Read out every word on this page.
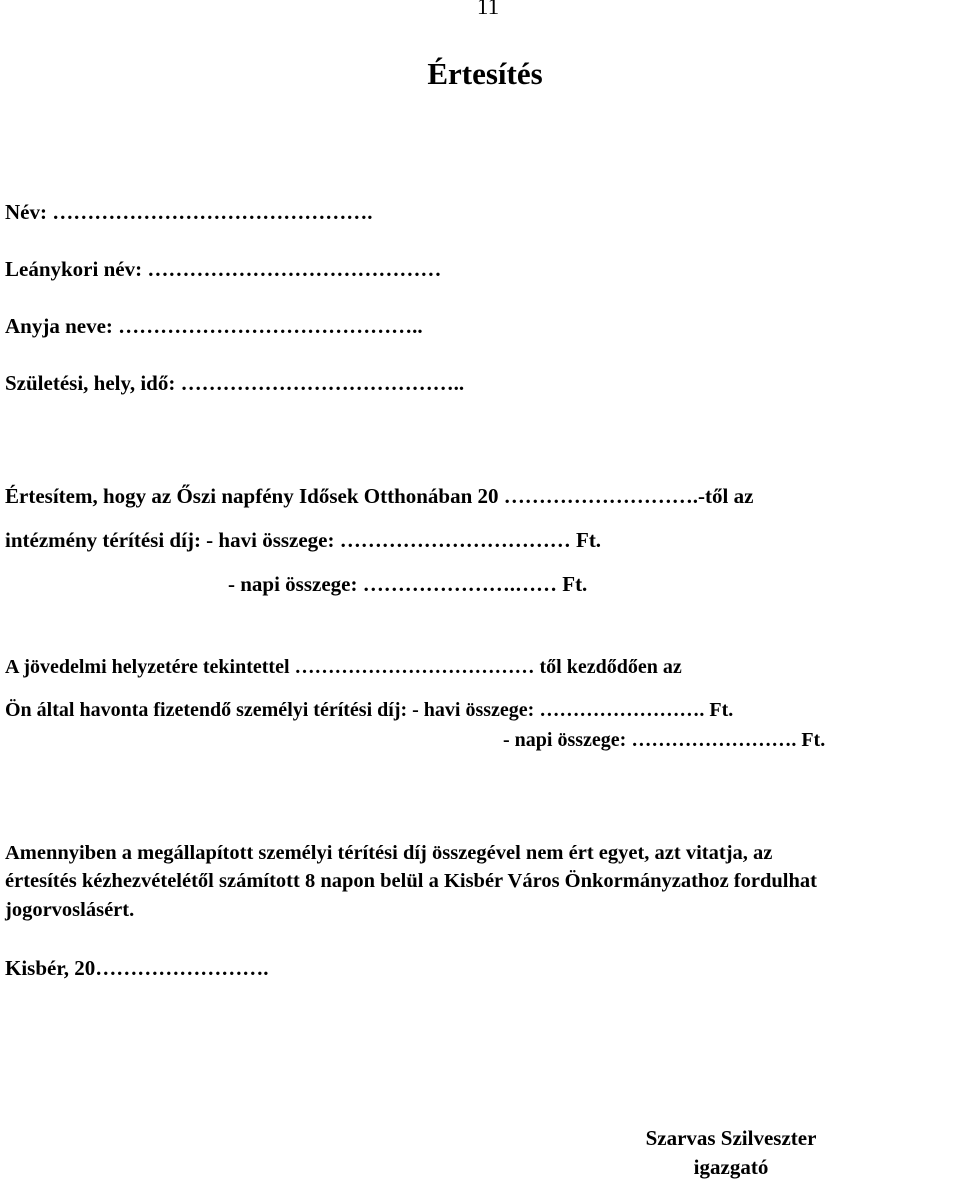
11
Értesítés
Név: ……………………………………….
Leánykori név: ……………………………………
Anyja neve: ……………………………………..
Születési, hely, idő: …………………………………..
Értesítem, hogy az Őszi napfény Idősek Otthonában 20 ……………………….-től az
intézmény térítési díj: - havi összege: …………………………… Ft.
- napi összege: ………………….…… Ft.
A jövedelmi helyzetére tekintettel ……………………………… tő​l kezdődően az
Ön által havonta fizetendő személyi térítési díj: - havi összege: ……………………. Ft.
- napi összege: ……………………. Ft.
Amennyiben a megállapított személyi térítési díj összegével nem ért egyet, azt vitatja, az
értesítés kézhezvételétől számított 8 napon belül a Kisbér Város Önkormányzathoz fordulhat
jogorvoslásért.
Kisbér, 20…………………….
Szarvas Szilveszter
igazgató
